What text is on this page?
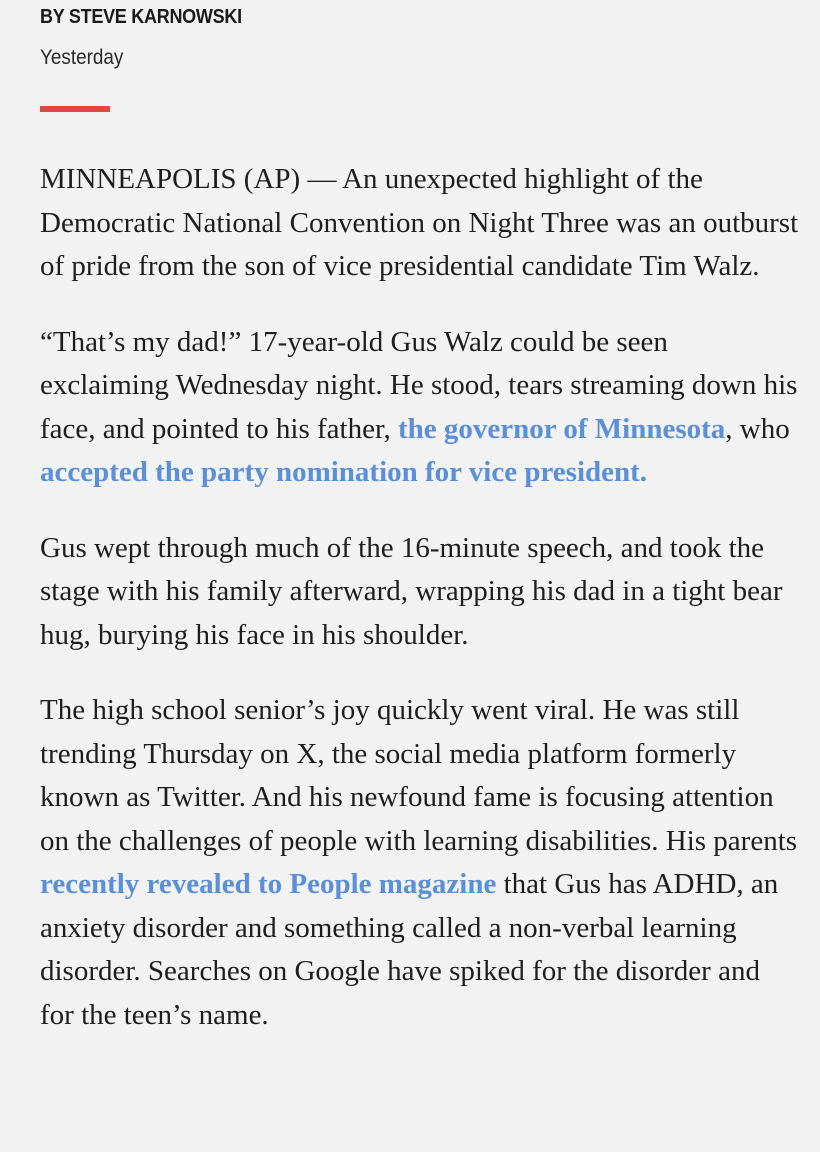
BY STEVE KARNOWSKI
Yesterday

MINNEAPOLIS (AP) — An unexpected highlight of the Democratic National Convention on Night Three was an outburst of pride from the son of vice presidential candidate Tim Walz.

“That’s my dad!” 17-year-old Gus Walz could be seen exclaiming Wednesday night. He stood, tears streaming down his face, and pointed to his father, the governor of Minnesota, who accepted the party nomination for vice president.

Gus wept through much of the 16-minute speech, and took the stage with his family afterward, wrapping his dad in a tight bear hug, burying his face in his shoulder.

The high school senior’s joy quickly went viral. He was still trending Thursday on X, the social media platform formerly known as Twitter. And his newfound fame is focusing attention on the challenges of people with learning disabilities. His parents recently revealed to People magazine that Gus has ADHD, an anxiety disorder and something called a non-verbal learning disorder. Searches on Google have spiked for the disorder and for the teen’s name.
